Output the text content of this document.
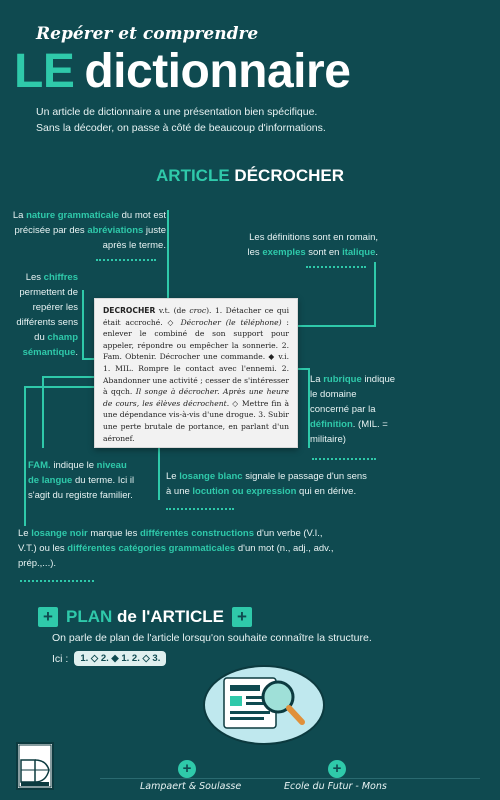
Repérer et comprendre
LE dictionnaire
Un article de dictionnaire a une présentation bien spécifique.
Sans la décoder, on passe à côté de beaucoup d'informations.
ARTICLE DÉCROCHER
La nature grammaticale du mot est précisée par des abréviations juste après le terme.
Les définitions sont en romain, les exemples sont en italique.
Les chiffres permettent de repérer les différents sens du champ sémantique.
La rubrique indique le domaine concerné par la définition. (MIL. = militaire)
FAM. indique le niveau de langue du terme. Ici il s'agit du registre familier.
Le losange blanc signale le passage d'un sens à une locution ou expression qui en dérive.
Le losange noir marque les différentes constructions d'un verbe (V.I., V.T.) ou les différentes catégories grammaticales d'un mot (n., adj., adv., prép.,...).
DECROCHER v.t. (de croc). 1. Détacher ce qui était accroché. ◇ Décrocher (le téléphone) : enlever le combiné de son support pour appeler, répondre ou empêcher la sonnerie. 2. Fam. Obtenir. Décrocher une commande. ◆ v.i. 1. MIL. Rompre le contact avec l'ennemi. 2. Abandonner une activité ; cesser de s'intéresser à qqch. Il songe à décrocher. Après une heure de cours, les élèves décrochent. ◇ Mettre fin à une dépendance vis-à-vis d'une drogue. 3. Subir une perte brutale de portance, en parlant d'un aéronef.
+ PLAN de l'ARTICLE +
On parle de plan de l'article lorsqu'on souhaite connaître la structure.
Ici :	1. ◇ 2. ◆ 1. 2. ◇ 3.
+	+
Lampaert & Soulasse	Ecole du Futur - Mons
